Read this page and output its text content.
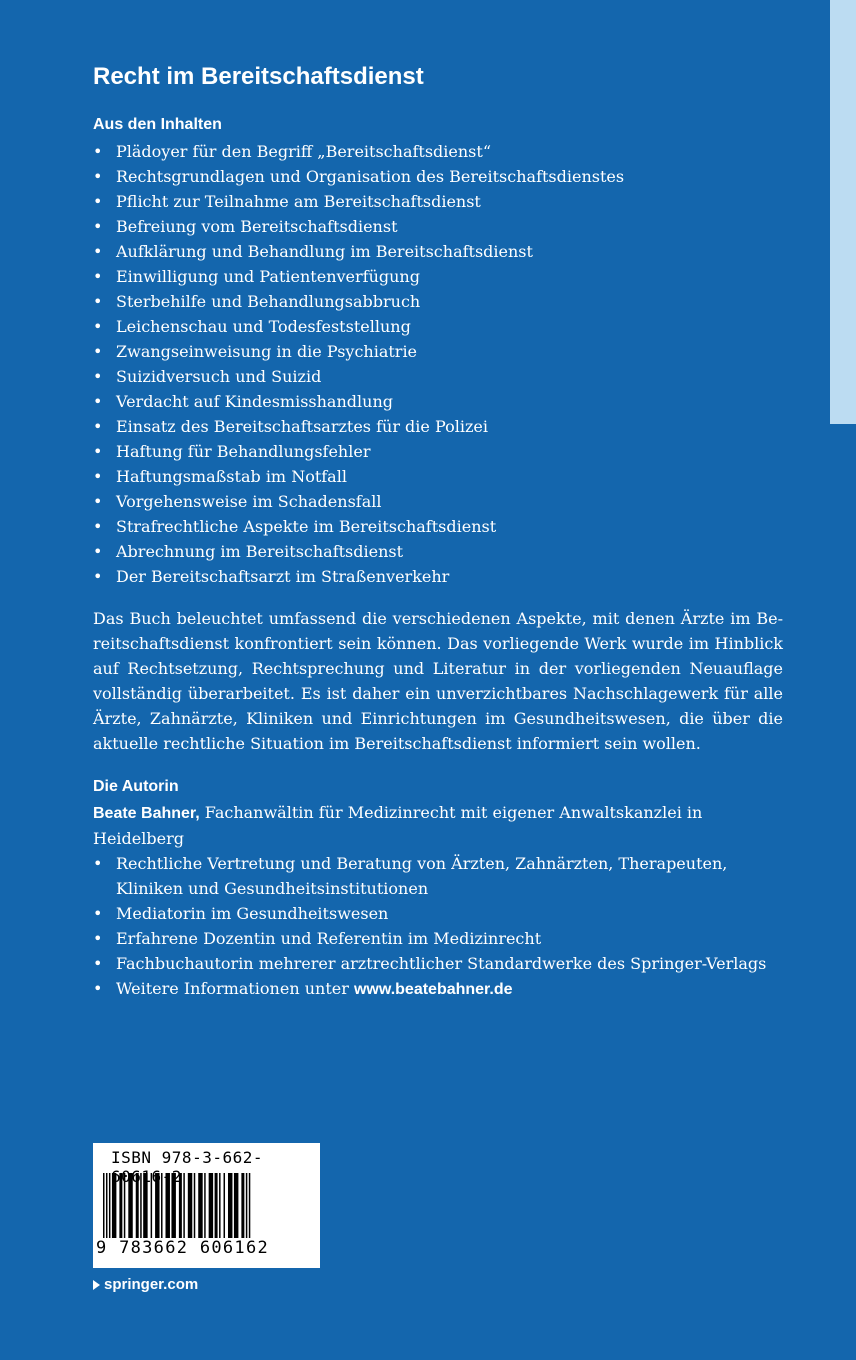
Recht im Bereitschaftsdienst
Aus den Inhalten
• Plädoyer für den Begriff „Bereitschaftsdienst“
• Rechtsgrundlagen und Organisation des Bereitschaftsdienstes
• Pflicht zur Teilnahme am Bereitschaftsdienst
• Befreiung vom Bereitschaftsdienst
• Aufklärung und Behandlung im Bereitschaftsdienst
• Einwilligung und Patientenverfügung
• Sterbehilfe und Behandlungsabbruch
• Leichenschau und Todesfeststellung
• Zwangseinweisung in die Psychiatrie
• Suizidversuch und Suizid
• Verdacht auf Kindesmisshandlung
• Einsatz des Bereitschaftsarztes für die Polizei
• Haftung für Behandlungsfehler
• Haftungsmaßstab im Notfall
• Vorgehensweise im Schadensfall
• Strafrechtliche Aspekte im Bereitschaftsdienst
• Abrechnung im Bereitschaftsdienst
• Der Bereitschaftsarzt im Straßenverkehr

Das Buch beleuchtet umfassend die verschiedenen Aspekte, mit denen Ärzte im Bereitschaftsdienst konfrontiert sein können. Das vorliegende Werk wurde im Hinblick auf Rechtsetzung, Rechtsprechung und Literatur in der vorliegenden Neuauflage vollständig überarbeitet. Es ist daher ein unverzichtbares Nachschlagewerk für alle Ärzte, Zahnärzte, Kliniken und Einrichtungen im Gesundheitswesen, die über die aktuelle rechtliche Situation im Bereitschaftsdienst informiert sein wollen.

Die Autorin

Beate Bahner, Fachanwältin für Medizinrecht mit eigener Anwaltskanzlei in Heidelberg

• Rechtliche Vertretung und Beratung von Ärzten, Zahnärzten, Therapeuten, Kliniken und Gesundheitsinstitutionen
• Mediatorin im Gesundheitswesen
• Erfahrene Dozentin und Referentin im Medizinrecht
• Fachbuchautorin mehrerer arztrechtlicher Standardwerke des Springer-Verlags
• Weitere Informationen unter www.beatebahner.de
ISBN 978-3-662- 0 2
9 783662 606162
springer.com
